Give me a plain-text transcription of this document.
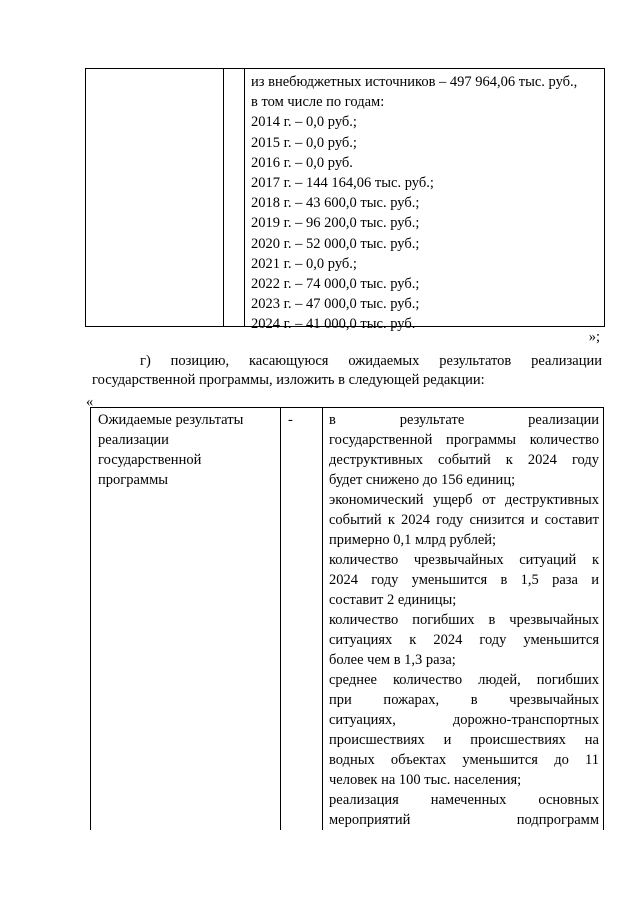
из внебюджетных источников – 497 964,06 тыс. руб.,
в том числе по годам:
2014 г. – 0,0 руб.;
2015 г. – 0,0 руб.;
2016 г. – 0,0 руб.
2017 г. – 144 164,06 тыс. руб.;
2018 г. – 43 600,0 тыс. руб.;
2019 г. – 96 200,0 тыс. руб.;
2020 г. – 52 000,0 тыс. руб.;
2021 г. – 0,0 руб.;
2022 г. – 74 000,0 тыс. руб.;
2023 г. – 47 000,0 тыс. руб.;
2024 г. – 41 000,0 тыс. руб.
»;
г) позицию, касающуюся ожидаемых результатов реализации
государственной программы, изложить в следующей редакции:
«
Ожидаемые результаты реализации государственной программы
- в результате реализации
государственной программы количество
деструктивных событий к 2024 году
будет снижено до 156 единиц;
экономический ущерб от деструктивных
событий к 2024 году снизится и составит
примерно 0,1 млрд рублей;
количество чрезвычайных ситуаций к
2024 году уменьшится в 1,5 раза и
составит 2 единицы;
количество погибших в чрезвычайных
ситуациях к 2024 году уменьшится
более чем в 1,3 раза;
среднее количество людей, погибших
при пожарах, в чрезвычайных
ситуациях, дорожно-транспортных
происшествиях и происшествиях на
водных объектах уменьшится до 11
человек на 100 тыс. населения;
реализация намеченных основных
мероприятий подпрограмм
